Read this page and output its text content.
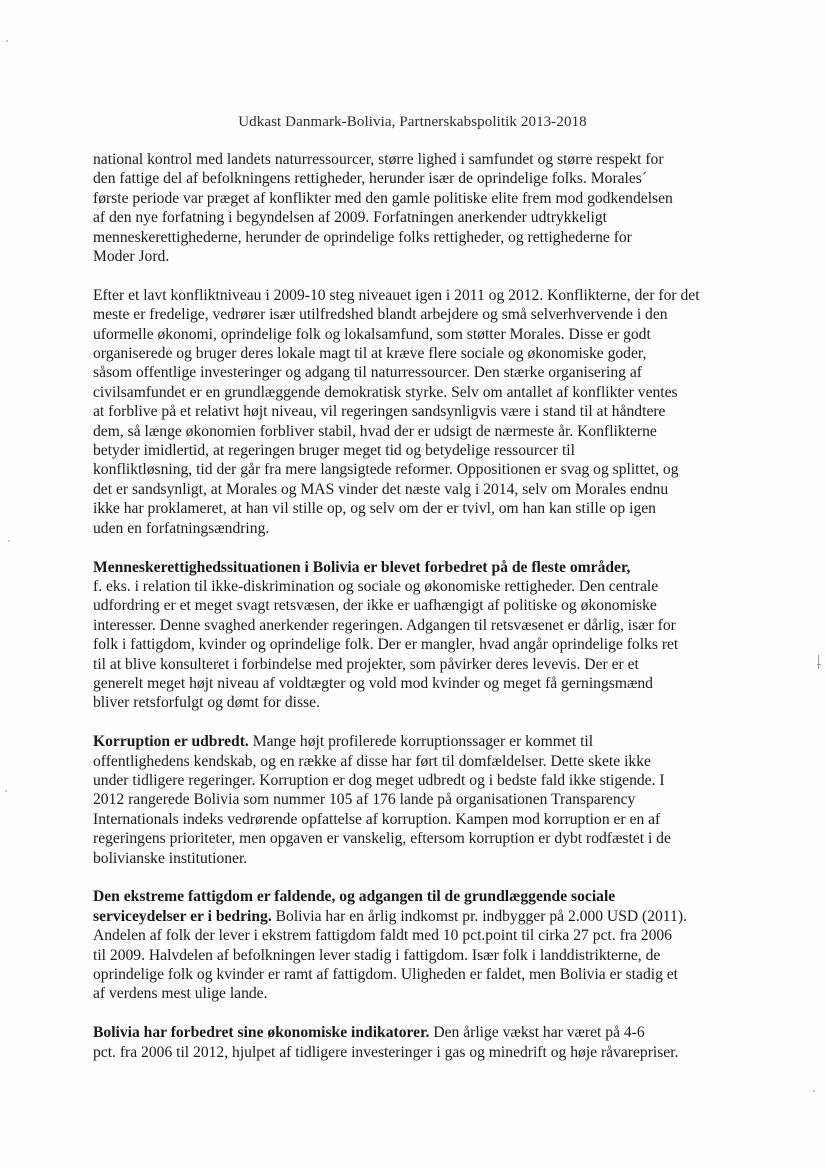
Udkast Danmark-Bolivia, Partnerskabspolitik 2013-2018

national kontrol med landets naturressourcer, større lighed i samfundet og større respekt for
den fattige del af befolkningens rettigheder, herunder især de oprindelige folks. Morales´
første periode var præget af konflikter med den gamle politiske elite frem mod godkendelsen
af den nye forfatning i begyndelsen af 2009. Forfatningen anerkender udtrykkeligt
menneskerettighederne, herunder de oprindelige folks rettigheder, og rettighederne for
Moder Jord.

Efter et lavt konfliktniveau i 2009-10 steg niveauet igen i 2011 og 2012. Konflikterne, der for det
meste er fredelige, vedrører især utilfredshed blandt arbejdere og små selverhvervende i den
uformelle økonomi, oprindelige folk og lokalsamfund, som støtter Morales. Disse er godt
organiserede og bruger deres lokale magt til at kræve flere sociale og økonomiske goder,
såsom offentlige investeringer og adgang til naturressourcer. Den stærke organisering af
civilsamfundet er en grundlæggende demokratisk styrke. Selv om antallet af konflikter ventes
at forblive på et relativt højt niveau, vil regeringen sandsynligvis være i stand til at håndtere
dem, så længe økonomien forbliver stabil, hvad der er udsigt de nærmeste år. Konflikterne
betyder imidlertid, at regeringen bruger meget tid og betydelige ressourcer til
konfliktløsning, tid der går fra mere langsigtede reformer. Oppositionen er svag og splittet, og
det er sandsynligt, at Morales og MAS vinder det næste valg i 2014, selv om Morales endnu
ikke har proklameret, at han vil stille op, og selv om der er tvivl, om han kan stille op igen
uden en forfatningsændring.

Menneskerettighedssituationen i Bolivia er blevet forbedret på de fleste områder,
f. eks. i relation til ikke-diskrimination og sociale og økonomiske rettigheder. Den centrale
udfordring er et meget svagt retsvæsen, der ikke er uafhængigt af politiske og økonomiske
interesser. Denne svaghed anerkender regeringen. Adgangen til retsvæsenet er dårlig, især for
folk i fattigdom, kvinder og oprindelige folk. Der er mangler, hvad angår oprindelige folks ret
til at blive konsulteret i forbindelse med projekter, som påvirker deres levevis. Der er et
generelt meget højt niveau af voldtægter og vold mod kvinder og meget få gerningsmænd
bliver retsforfulgt og dømt for disse.

Korruption er udbredt. Mange højt profilerede korruptionssager er kommet til
offentlighedens kendskab, og en række af disse har ført til domfældelser. Dette skete ikke
under tidligere regeringer. Korruption er dog meget udbredt og i bedste fald ikke stigende. I
2012 rangerede Bolivia som nummer 105 af 176 lande på organisationen Transparency
Internationals indeks vedrørende opfattelse af korruption. Kampen mod korruption er en af
regeringens prioriteter, men opgaven er vanskelig, eftersom korruption er dybt rodfæstet i de
bolivianske institutioner.

Den ekstreme fattigdom er faldende, og adgangen til de grundlæggende sociale
serviceydelser er i bedring. Bolivia har en årlig indkomst pr. indbygger på 2.000 USD (2011).
Andelen af folk der lever i ekstrem fattigdom faldt med 10 pct.point til cirka 27 pct. fra 2006
til 2009. Halvdelen af befolkningen lever stadig i fattigdom. Især folk i landdistrikterne, de
oprindelige folk og kvinder er ramt af fattigdom. Uligheden er faldet, men Bolivia er stadig et
af verdens mest ulige lande.

Bolivia har forbedret sine økonomiske indikatorer. Den årlige vækst har været på 4-6
pct. fra 2006 til 2012, hjulpet af tidligere investeringer i gas og minedrift og høje råvarepriser.
